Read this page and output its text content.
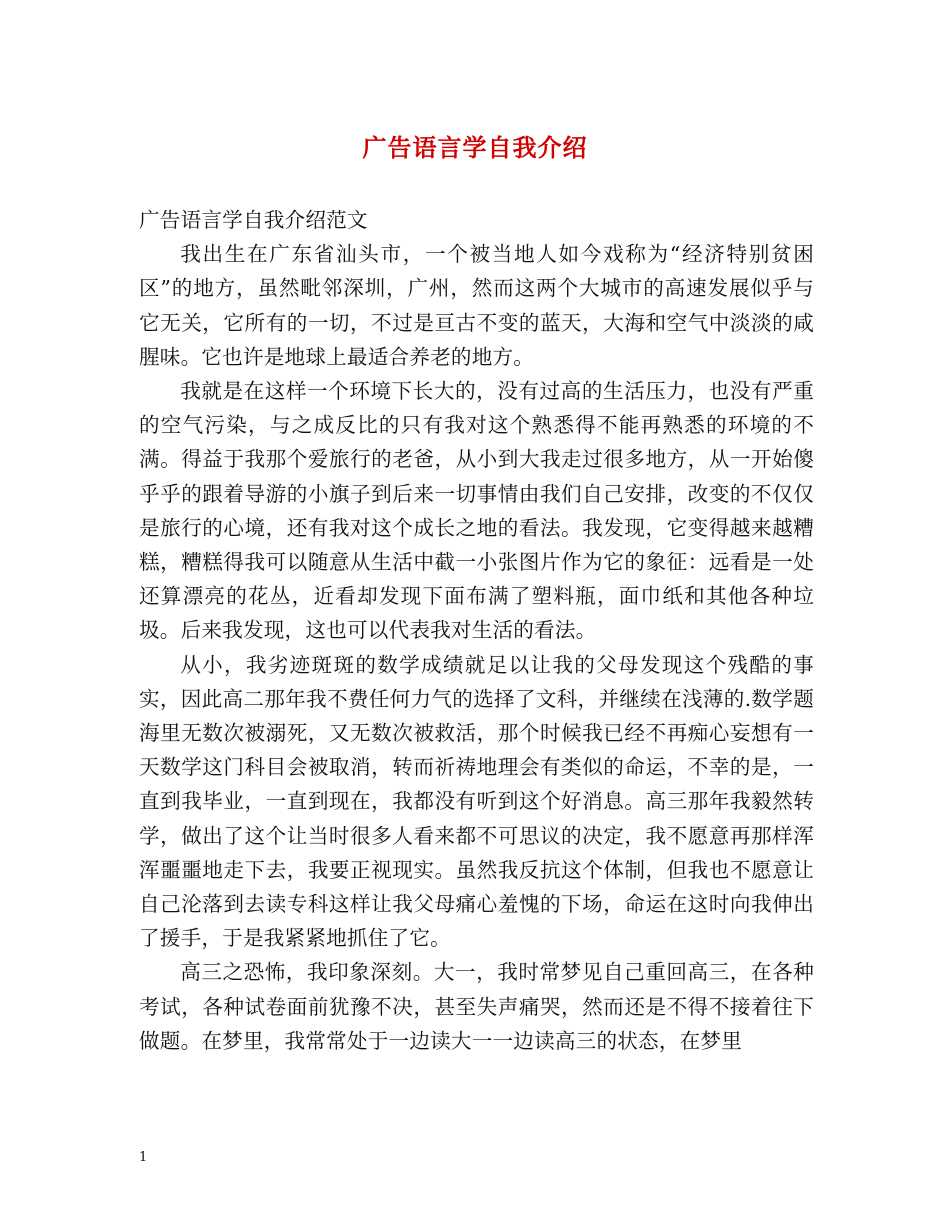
广告语言学自我介绍

广告语言学自我介绍范文

我出生在广东省汕头市，一个被当地人如今戏称为“经济特别贫困区”的地方，虽然毗邻深圳，广州，然而这两个大城市的高速发展似乎与它无关，它所有的一切，不过是亘古不变的蓝天，大海和空气中淡淡的咸腥味。它也许是地球上最适合养老的地方。

我就是在这样一个环境下长大的，没有过高的生活压力，也没有严重的空气污染，与之成反比的只有我对这个熟悉得不能再熟悉的环境的不满。得益于我那个爱旅行的老爸，从小到大我走过很多地方，从一开始傻乎乎的跟着导游的小旗子到后来一切事情由我们自己安排，改变的不仅仅是旅行的心境，还有我对这个成长之地的看法。我发现，它变得越来越糟糕，糟糕得我可以随意从生活中截一小张图片作为它的象征：远看是一处还算漂亮的花丛，近看却发现下面布满了塑料瓶，面巾纸和其他各种垃圾。后来我发现，这也可以代表我对生活的看法。

从小，我劣迹斑斑的数学成绩就足以让我的父母发现这个残酷的事实，因此高二那年我不费任何力气的选择了文科，并继续在浅薄的.数学题海里无数次被溺死，又无数次被救活，那个时候我已经不再痴心妄想有一天数学这门科目会被取消，转而祈祷地理会有类似的命运，不幸的是，一直到我毕业，一直到现在，我都没有听到这个好消息。高三那年我毅然转学，做出了这个让当时很多人看来都不可思议的决定，我不愿意再那样浑浑噩噩地走下去，我要正视现实。虽然我反抗这个体制，但我也不愿意让自己沦落到去读专科这样让我父母痛心羞愧的下场，命运在这时向我伸出了援手，于是我紧紧地抓住了它。

高三之恐怖，我印象深刻。大一，我时常梦见自己重回高三，在各种考试，各种试卷面前犹豫不决，甚至失声痛哭，然而还是不得不接着往下做题。在梦里，我常常处于一边读大一一边读高三的状态，在梦里

1
